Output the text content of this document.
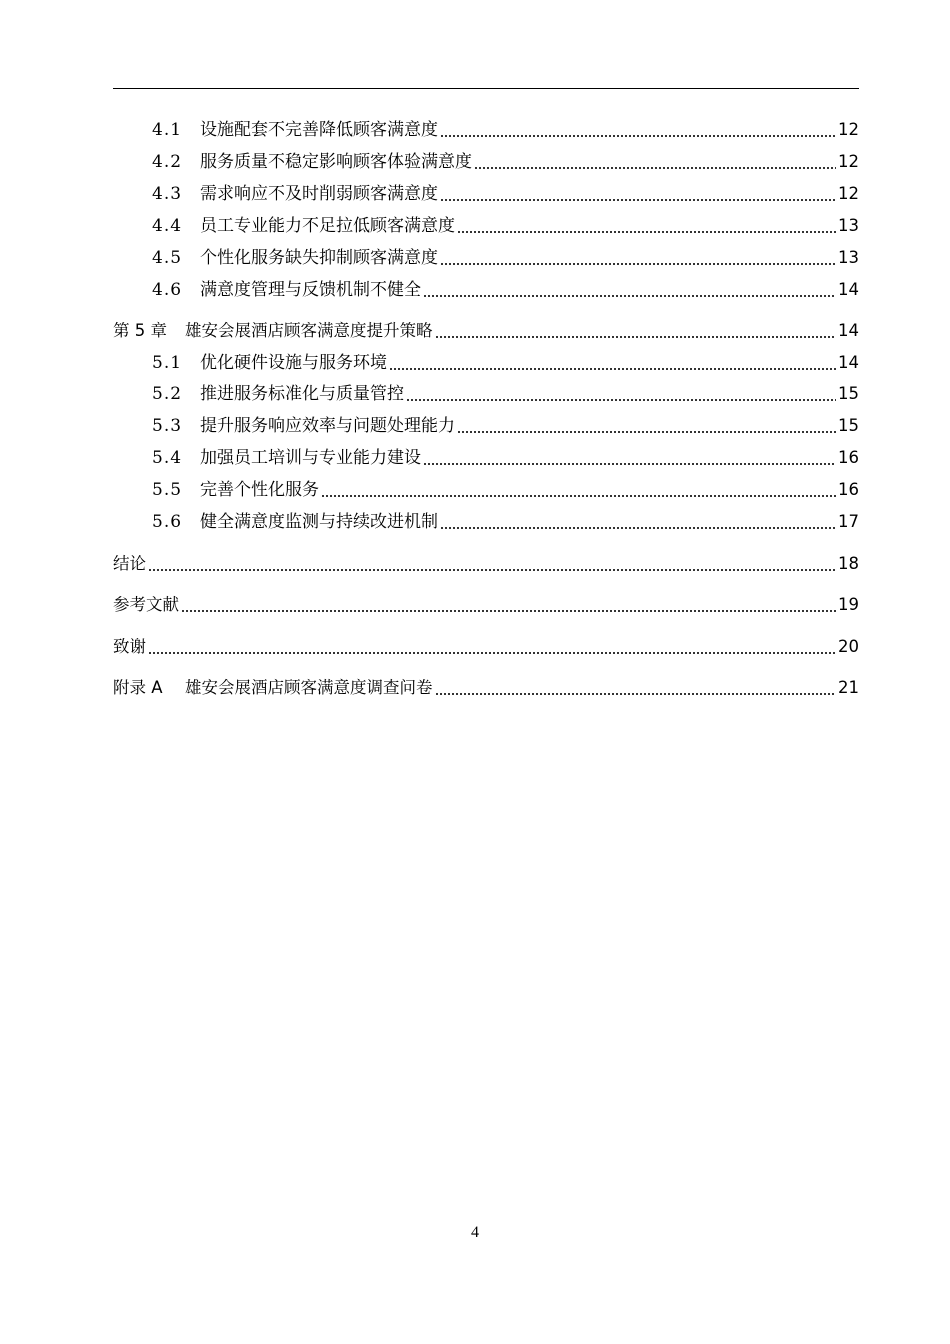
4.1	设施配套不完善降低顾客满意度	12
4.2	服务质量不稳定影响顾客体验满意度	12
4.3	需求响应不及时削弱顾客满意度	12
4.4	员工专业能力不足拉低顾客满意度	13
4.5	个性化服务缺失抑制顾客满意度	13
4.6	满意度管理与反馈机制不健全	14
第 5 章	雄安会展酒店顾客满意度提升策略	14
5.1	优化硬件设施与服务环境	14
5.2	推进服务标准化与质量管控	15
5.3	提升服务响应效率与问题处理能力	15
5.4	加强员工培训与专业能力建设	16
5.5	完善个性化服务	16
5.6	健全满意度监测与持续改进机制	17
结论	18
参考文献	19
致谢	20
附录 A	雄安会展酒店顾客满意度调查问卷	21
4
